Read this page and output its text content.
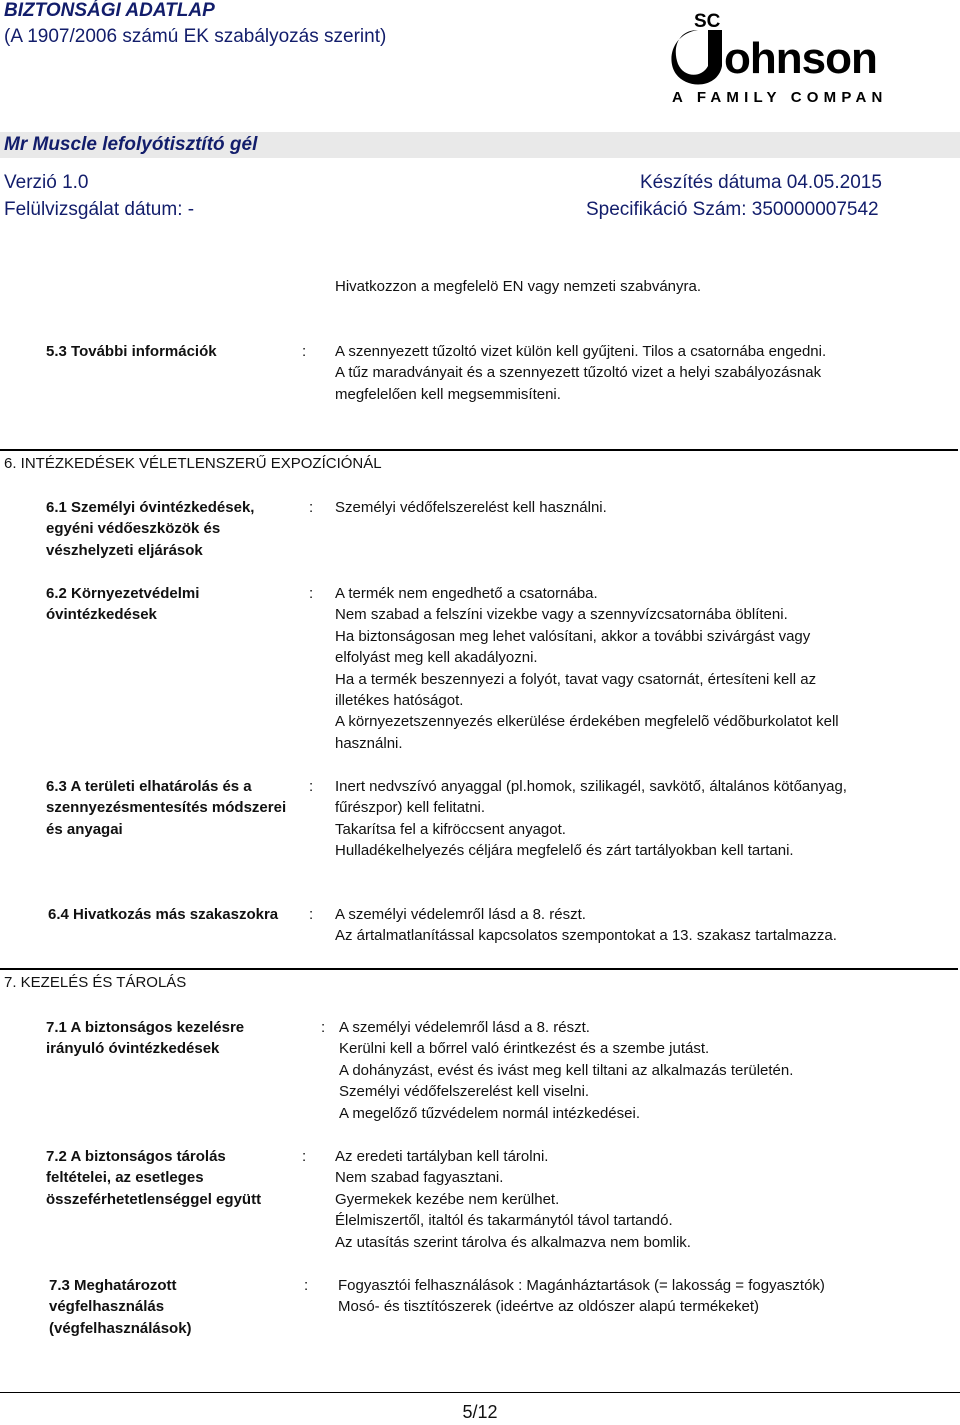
BIZTONSÁGI ADATLAP
(A 1907/2006 számú EK szabályozás szerint)
SC
ohnson
A FAMILY COMPANY
Mr Muscle lefolyótisztító gél
Verzió 1.0
Felülvizsgálat dátum: -
Készítés dátuma 04.05.2015
Specifikáció Szám: 350000007542
Hivatkozzon a megfelelö EN vagy nemzeti szabványra.
5.3 További információk	: A szennyezett tűzoltó vizet külön kell gyűjteni. Tilos a csatornába engedni.
A tűz maradványait és a szennyezett tűzoltó vizet a helyi szabályozásnak
megfelelően kell megsemmisíteni.
6. INTÉZKEDÉSEK VÉLETLENSZERŰ EXPOZÍCIÓNÁL
6.1 Személyi óvintézkedések,
egyéni védőeszközök és
vészhelyzeti eljárások
: Személyi védőfelszerelést kell használni.
6.2 Környezetvédelmi
óvintézkedések
: A termék nem engedhető a csatornába.
Nem szabad a felszíni vizekbe vagy a szennyvízcsatornába öblíteni.
Ha biztonságosan meg lehet valósítani, akkor a további szivárgást vagy
elfolyást meg kell akadályozni.
Ha a termék beszennyezi a folyót, tavat vagy csatornát, értesíteni kell az
illetékes hatóságot.
A környezetszennyezés elkerülése érdekében megfelelõ védõburkolatot kell
használni.
6.3 A területi elhatárolás és a
szennyezésmentesítés módszerei
és anyagai
: Inert nedvszívó anyaggal (pl.homok, szilikagél, savkötő, általános kötőanyag,
fűrészpor) kell felitatni.
Takarítsa fel a kifröccsent anyagot.
Hulladékelhelyezés céljára megfelelő és zárt tartályokban kell tartani.
6.4 Hivatkozás más szakaszokra : A személyi védelemről lásd a 8. részt.
Az ártalmatlanítással kapcsolatos szempontokat a 13. szakasz tartalmazza.
7. KEZELÉS ÉS TÁROLÁS
7.1 A biztonságos kezelésre
irányuló óvintézkedések
: A személyi védelemről lásd a 8. részt.
Kerülni kell a bőrrel való érintkezést és a szembe jutást.
A dohányzást, evést és ivást meg kell tiltani az alkalmazás területén.
Személyi védőfelszerelést kell viselni.
A megelőző tűzvédelem normál intézkedései.
7.2 A biztonságos tárolás
feltételei, az esetleges
összeférhetetlenséggel együtt
: Az eredeti tartályban kell tárolni.
Nem szabad fagyasztani.
Gyermekek kezébe nem kerülhet.
Élelmiszertől, italtól és takarmánytól távol tartandó.
Az utasítás szerint tárolva és alkalmazva nem bomlik.
7.3 Meghatározott
végfelhasználás
(végfelhasználások)
: Fogyasztói felhasználások : Magánháztartások (= lakosság = fogyasztók)
Mosó- és tisztítószerek (ideértve az oldószer alapú termékeket)
5/12
